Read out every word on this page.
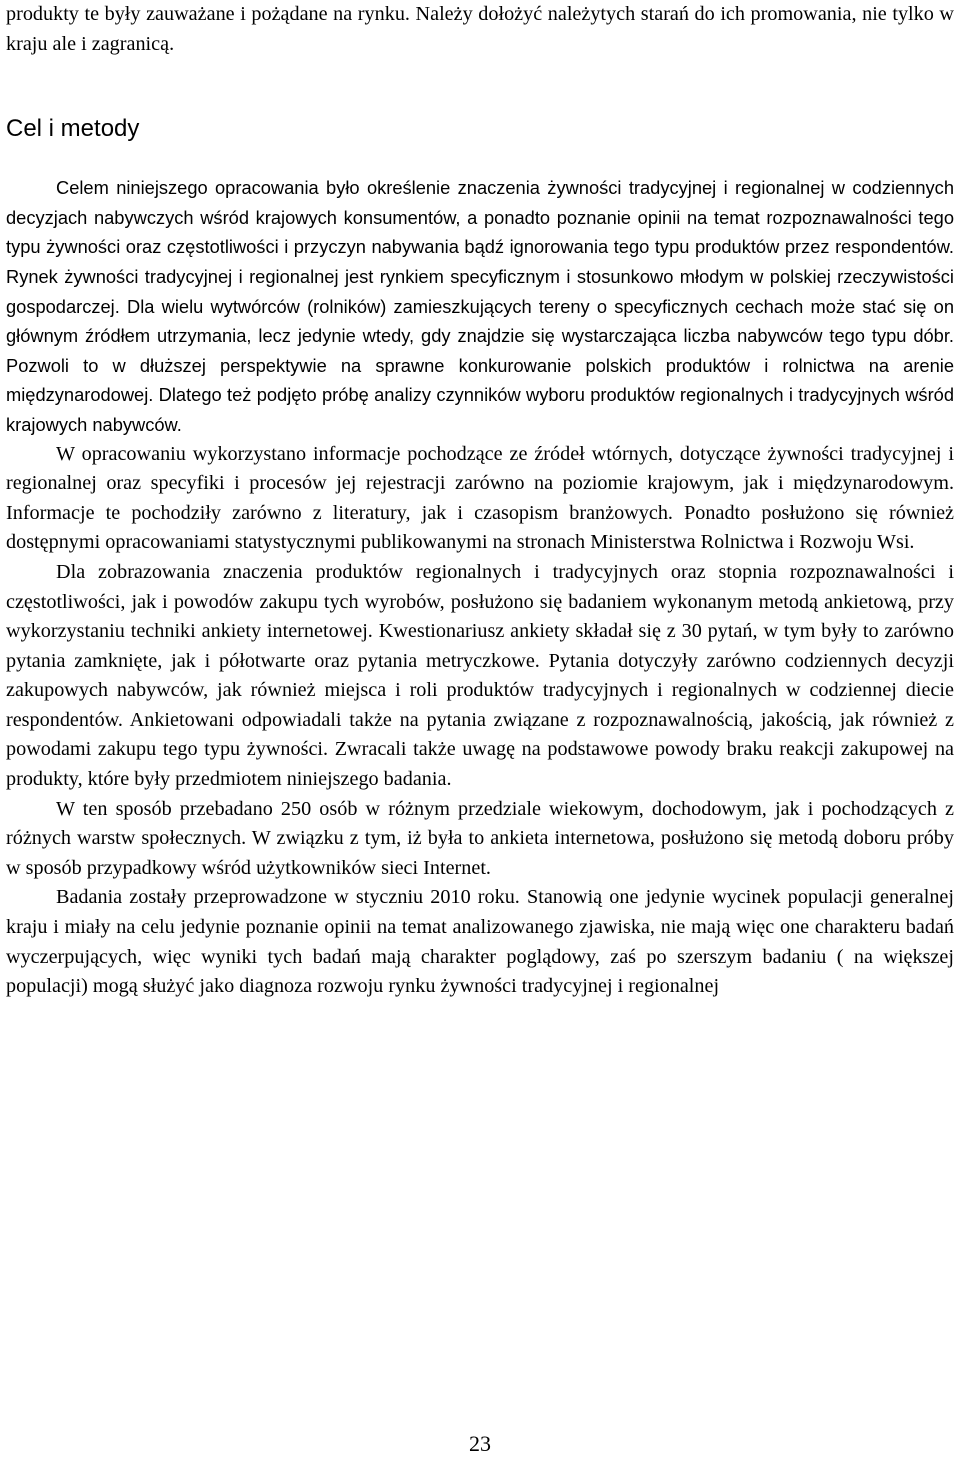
produkty te były zauważane i pożądane na rynku. Należy dołożyć należytych starań do ich promowania, nie tylko w kraju ale i zagranicą.

Cel i metody

Celem niniejszego opracowania było określenie znaczenia żywności tradycyjnej i regionalnej w codziennych decyzjach nabywczych wśród krajowych konsumentów, a ponadto poznanie opinii na temat rozpoznawalności tego typu żywności oraz częstotliwości i przyczyn nabywania bądź ignorowania tego typu produktów przez respondentów. Rynek żywności tradycyjnej i regionalnej jest rynkiem specyficznym i stosunkowo młodym w polskiej rzeczywistości gospodarczej. Dla wielu wytwórców (rolników) zamieszkujących tereny o specyficznych cechach może stać się on głównym źródłem utrzymania, lecz jedynie wtedy, gdy znajdzie się wystarczająca liczba nabywców tego typu dóbr. Pozwoli to w dłuższej perspektywie na sprawne konkurowanie polskich produktów i rolnictwa na arenie międzynarodowej. Dlatego też podjęto próbę analizy czynników wyboru produktów regionalnych i tradycyjnych wśród krajowych nabywców.

W opracowaniu wykorzystano informacje pochodzące ze źródeł wtórnych, dotyczące żywności tradycyjnej i regionalnej oraz specyfiki i procesów jej rejestracji zarówno na poziomie krajowym, jak i międzynarodowym. Informacje te pochodziły zarówno z literatury, jak i czasopism branżowych. Ponadto posłużono się również dostępnymi opracowaniami statystycznymi publikowanymi na stronach Ministerstwa Rolnictwa i Rozwoju Wsi.

Dla zobrazowania znaczenia produktów regionalnych i tradycyjnych oraz stopnia rozpoznawalności i częstotliwości, jak i powodów zakupu tych wyrobów, posłużono się badaniem wykonanym metodą ankietową, przy wykorzystaniu techniki ankiety internetowej. Kwestionariusz ankiety składał się z 30 pytań, w tym były to zarówno pytania zamknięte, jak i półotwarte oraz pytania metryczkowe. Pytania dotyczyły zarówno codziennych decyzji zakupowych nabywców, jak również miejsca i roli produktów tradycyjnych i regionalnych w codziennej diecie respondentów. Ankietowani odpowiadali także na pytania związane z rozpoznawalnością, jakością, jak również z powodami zakupu tego typu żywności. Zwracali także uwagę na podstawowe powody braku reakcji zakupowej na produkty, które były przedmiotem niniejszego badania.

W ten sposób przebadano 250 osób w różnym przedziale wiekowym, dochodowym, jak i pochodzących z różnych warstw społecznych. W związku z tym, iż była to ankieta internetowa, posłużono się metodą doboru próby w sposób przypadkowy wśród użytkowników sieci Internet.

Badania zostały przeprowadzone w styczniu 2010 roku. Stanowią one jedynie wycinek populacji generalnej kraju i miały na celu jedynie poznanie opinii na temat analizowanego zjawiska, nie mają więc one charakteru badań wyczerpujących, więc wyniki tych badań mają charakter poglądowy, zaś po szerszym badaniu ( na większej populacji) mogą służyć jako diagnoza rozwoju rynku żywności tradycyjnej i regionalnej

23
